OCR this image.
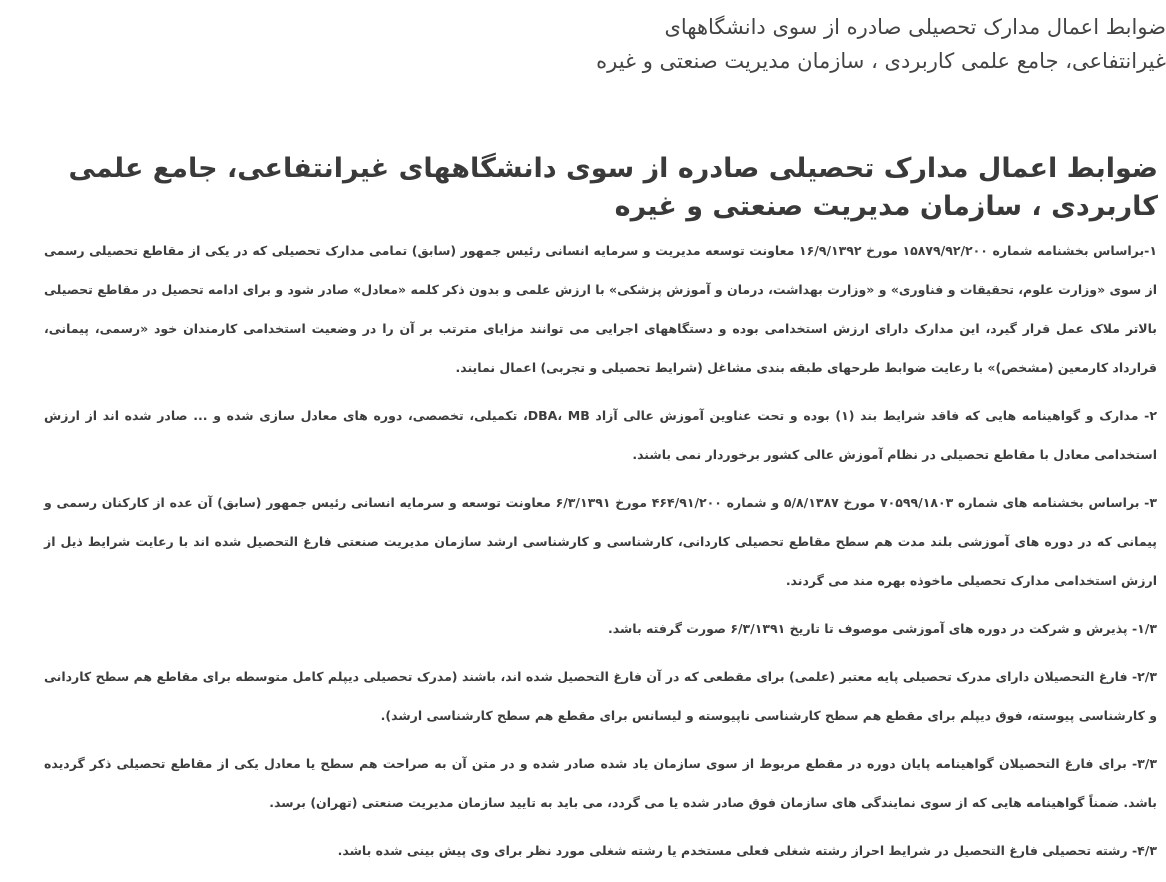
ضوابط اعمال مدارک تحصیلی صادره از سوی دانشگاههای
غیرانتفاعی، جامع علمی کاربردی ، سازمان مدیریت صنعتی و غیره
ضوابط اعمال مدارک تحصیلی صادره از سوی دانشگاههای غیرانتفاعی، جامع علمی کاربردی ، سازمان مدیریت صنعتی و غیره

۱-براساس بخشنامه شماره ۱۵۸۷۹/۹۲/۲۰۰ مورخ ۱۶/۹/۱۳۹۲ معاونت توسعه مدیریت و سرمایه انسانی رئیس جمهور (سابق) تمامی مدارک تحصیلی که در یکی از مقاطع تحصیلی رسمی از سوی «وزارت علوم، تحقیقات و فناوری» و «وزارت بهداشت، درمان و آموزش پزشکی» با ارزش علمی و بدون ذکر کلمه «معادل» صادر شود و برای ادامه تحصیل در مقاطع تحصیلی بالاتر ملاک عمل قرار گیرد، این مدارک دارای ارزش استخدامی بوده و دستگاههای اجرایی می توانند مزایای مترتب بر آن را در وضعیت استخدامی کارمندان خود «رسمی، پیمانی، قرارداد کارمعین (مشخص)» با رعایت ضوابط طرحهای طبقه بندی مشاغل (شرایط تحصیلی و تجربی) اعمال نمایند.

۲- مدارک و گواهینامه هایی که فاقد شرایط بند (۱) بوده و تحت عناوین آموزش عالی آزاد DBA، MB، تکمیلی، تخصصی، دوره های معادل سازی شده و ... صادر شده اند از ارزش استخدامی معادل با مقاطع تحصیلی در نظام آموزش عالی کشور برخوردار نمی باشند.

۳- براساس بخشنامه های شماره ۷۰۵۹۹/۱۸۰۳ مورخ ۵/۸/۱۳۸۷ و شماره ۴۶۴/۹۱/۲۰۰ مورخ ۶/۳/۱۳۹۱ معاونت توسعه و سرمایه انسانی رئیس جمهور (سابق) آن عده از کارکنان رسمی و پیمانی که در دوره های آموزشی بلند مدت هم سطح مقاطع تحصیلی کاردانی، کارشناسی و کارشناسی ارشد سازمان مدیریت صنعتی فارغ التحصیل شده اند با رعایت شرایط ذیل از ارزش استخدامی مدارک تحصیلی ماخوذه بهره مند می گردند.

۱/۳- پذیرش و شرکت در دوره های آموزشی موصوف تا تاریخ ۶/۳/۱۳۹۱ صورت گرفته باشد.

۲/۳- فارغ التحصیلان دارای مدرک تحصیلی پایه معتبر (علمی) برای مقطعی که در آن فارغ التحصیل شده اند، باشند (مدرک تحصیلی دیپلم کامل متوسطه برای مقاطع هم سطح کاردانی و کارشناسی پیوسته، فوق دیپلم برای مقطع هم سطح کارشناسی ناپیوسته و لیسانس برای مقطع هم سطح کارشناسی ارشد).

۳/۳- برای فارغ التحصیلان گواهینامه پایان دوره در مقطع مربوط از سوی سازمان یاد شده صادر شده و در متن آن به صراحت هم سطح یا معادل یکی از مقاطع تحصیلی ذکر گردیده باشد. ضمناً گواهینامه هایی که از سوی نمایندگی های سازمان فوق صادر شده یا می گردد، می باید به تایید سازمان مدیریت صنعتی (تهران) برسد.

۴/۳- رشته تحصیلی فارغ التحصیل در شرایط احراز رشته شغلی فعلی مستخدم یا رشته شغلی مورد نظر برای وی پیش بینی شده باشد.
